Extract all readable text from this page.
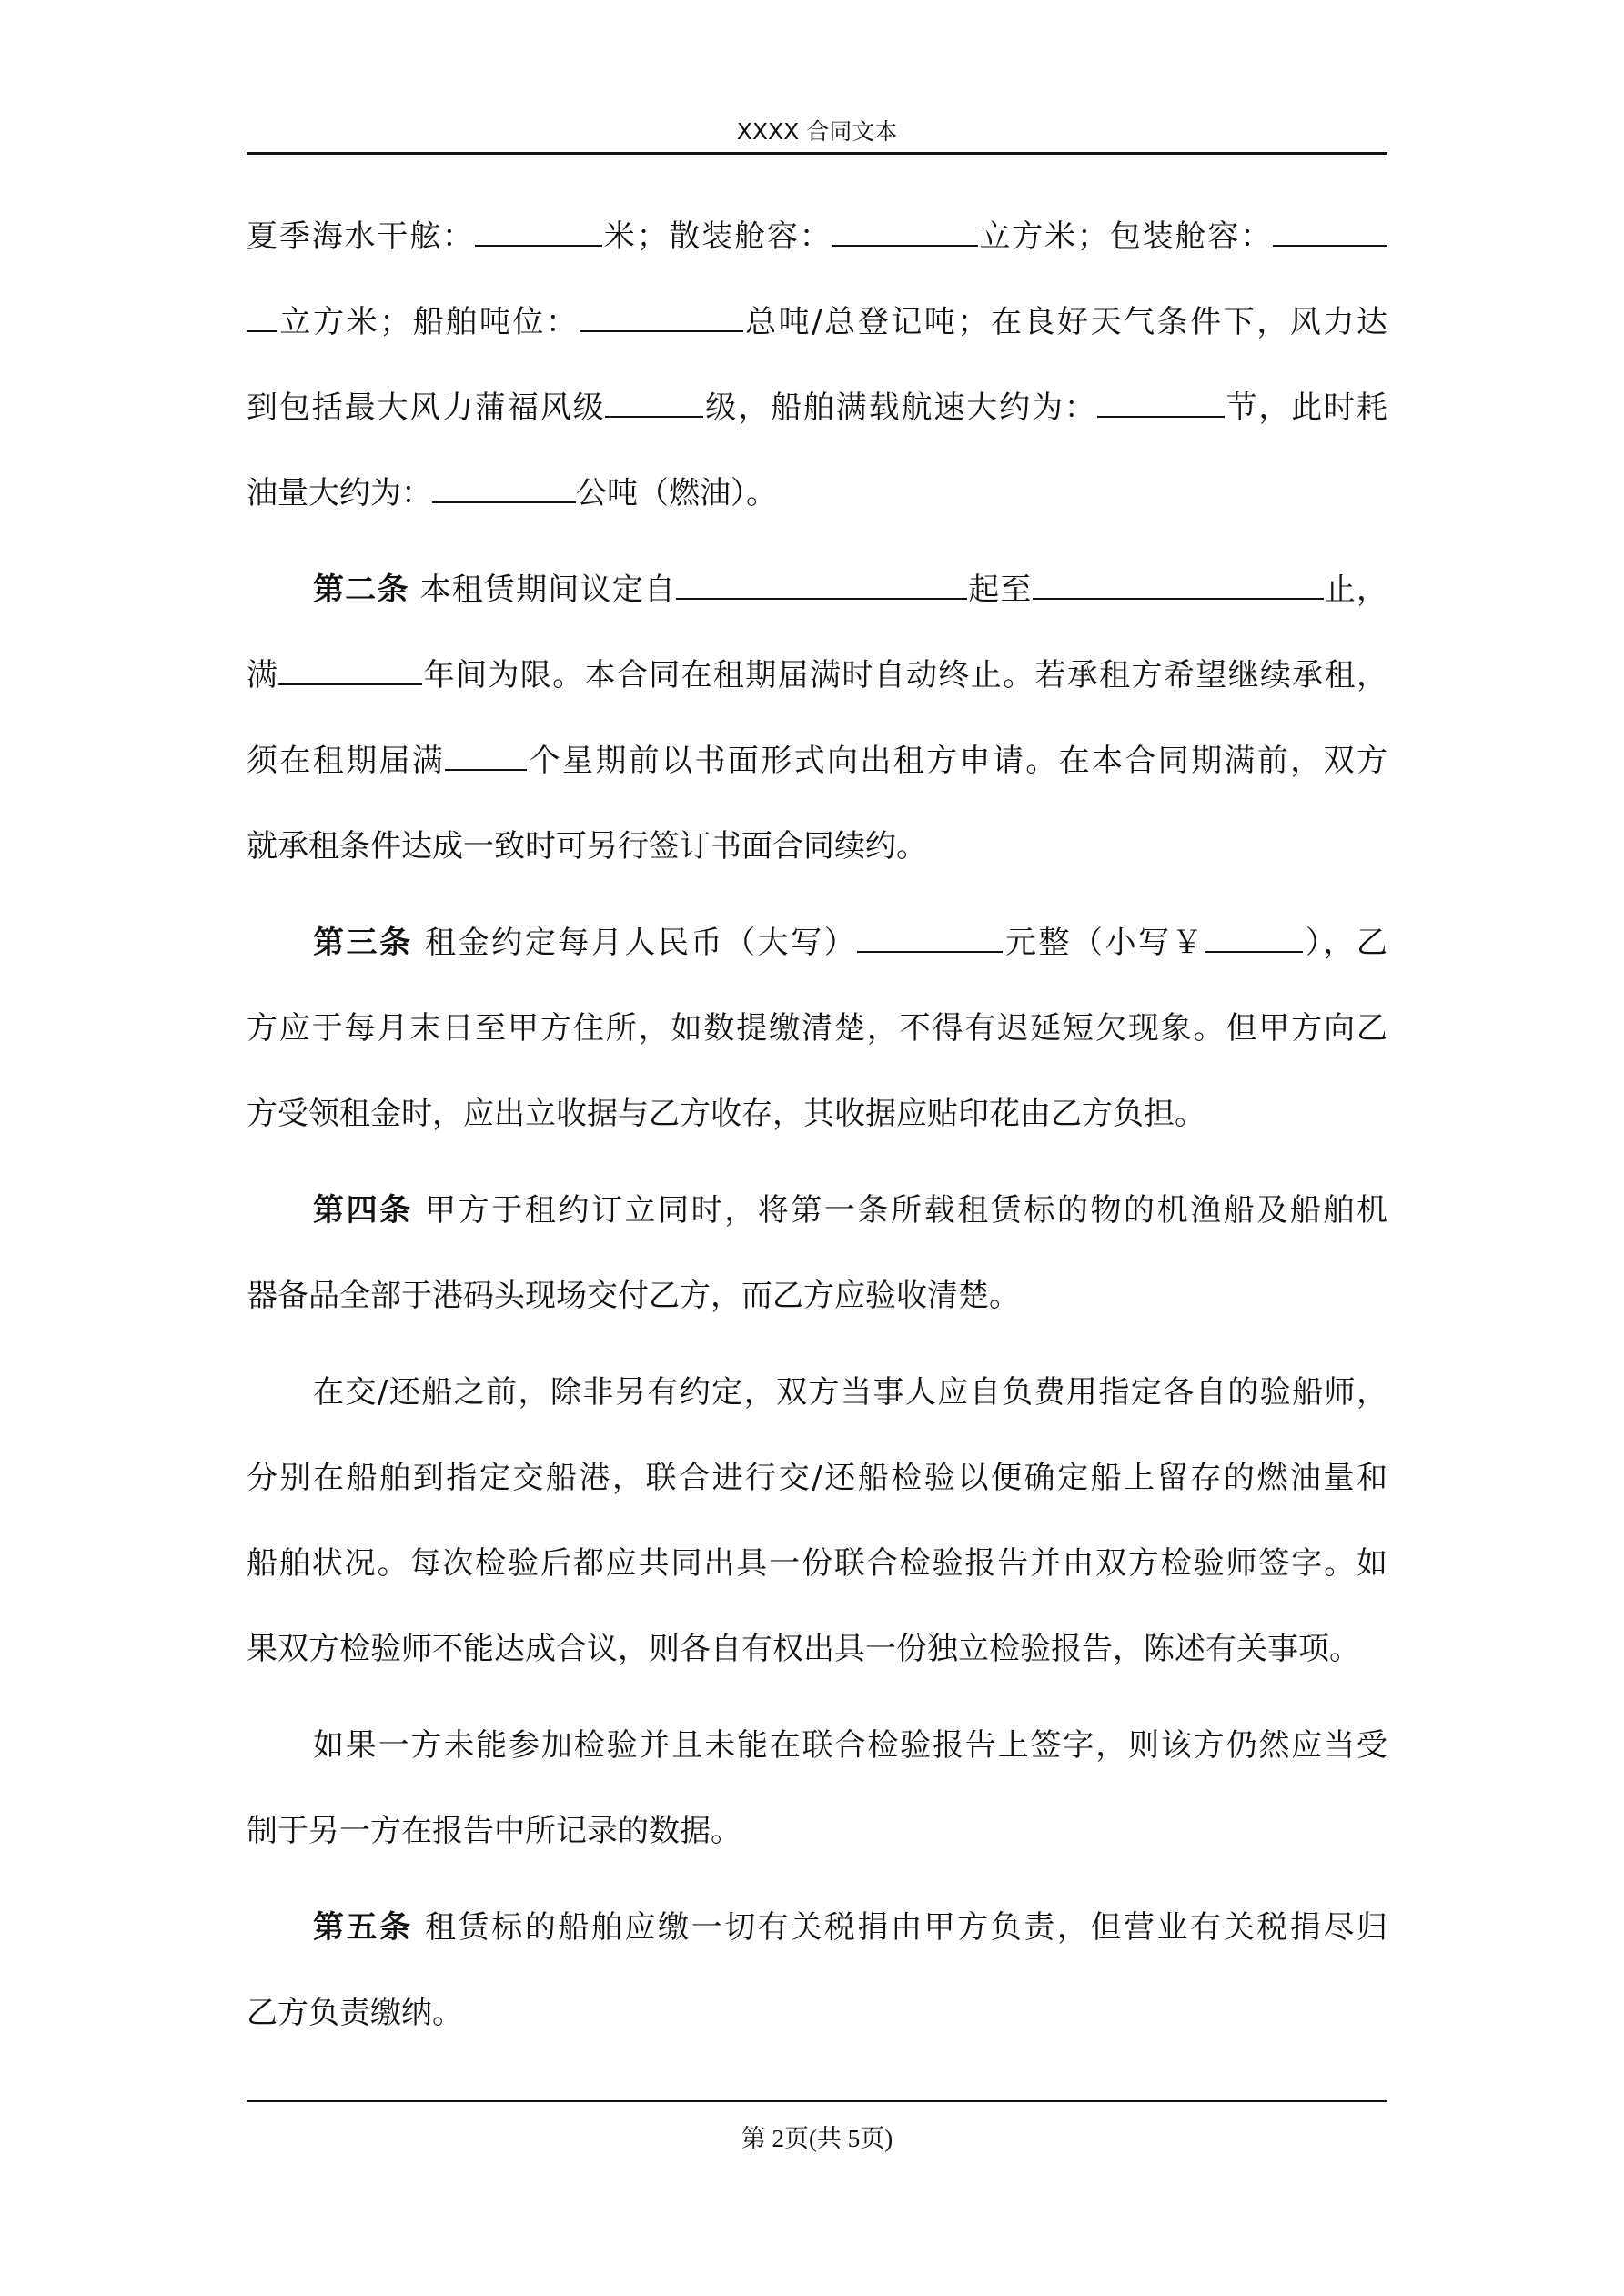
XXXX 合同文本
夏季海水干舷：	米；散装舱容：	立方米；包装舱容：
立方米；船舶吨位：	总吨/总登记吨；在良好天气条件下，风力达
到包括最大风力蒲福风级	级，船舶满载航速大约为：	节，此时耗
油量大约为：	公吨（燃油）。
第二条 本租赁期间议定自	起至	止，
满	年间为限。本合同在租期届满时自动终止。若承租方希望继续承租，
须在租期届满	个星期前以书面形式向出租方申请。在本合同期满前，双方
就承租条件达成一致时可另行签订书面合同续约。
第三条 租金约定每月人民币（大写）	元整（小写￥	），乙
方应于每月末日至甲方住所，如数提缴清楚，不得有迟延短欠现象。但甲方向乙
方受领租金时，应出立收据与乙方收存，其收据应贴印花由乙方负担。
第四条 甲方于租约订立同时，将第一条所载租赁标的物的机渔船及船舶机
器备品全部于港码头现场交付乙方，而乙方应验收清楚。
在交/还船之前，除非另有约定，双方当事人应自负费用指定各自的验船师，
分别在船舶到指定交船港，联合进行交/还船检验以便确定船上留存的燃油量和
船舶状况。每次检验后都应共同出具一份联合检验报告并由双方检验师签字。如
果双方检验师不能达成合议，则各自有权出具一份独立检验报告，陈述有关事项。
如果一方未能参加检验并且未能在联合检验报告上签字，则该方仍然应当受
制于另一方在报告中所记录的数据。
第五条 租赁标的船舶应缴一切有关税捐由甲方负责，但营业有关税捐尽归
乙方负责缴纳。
第 2页(共 5页)
